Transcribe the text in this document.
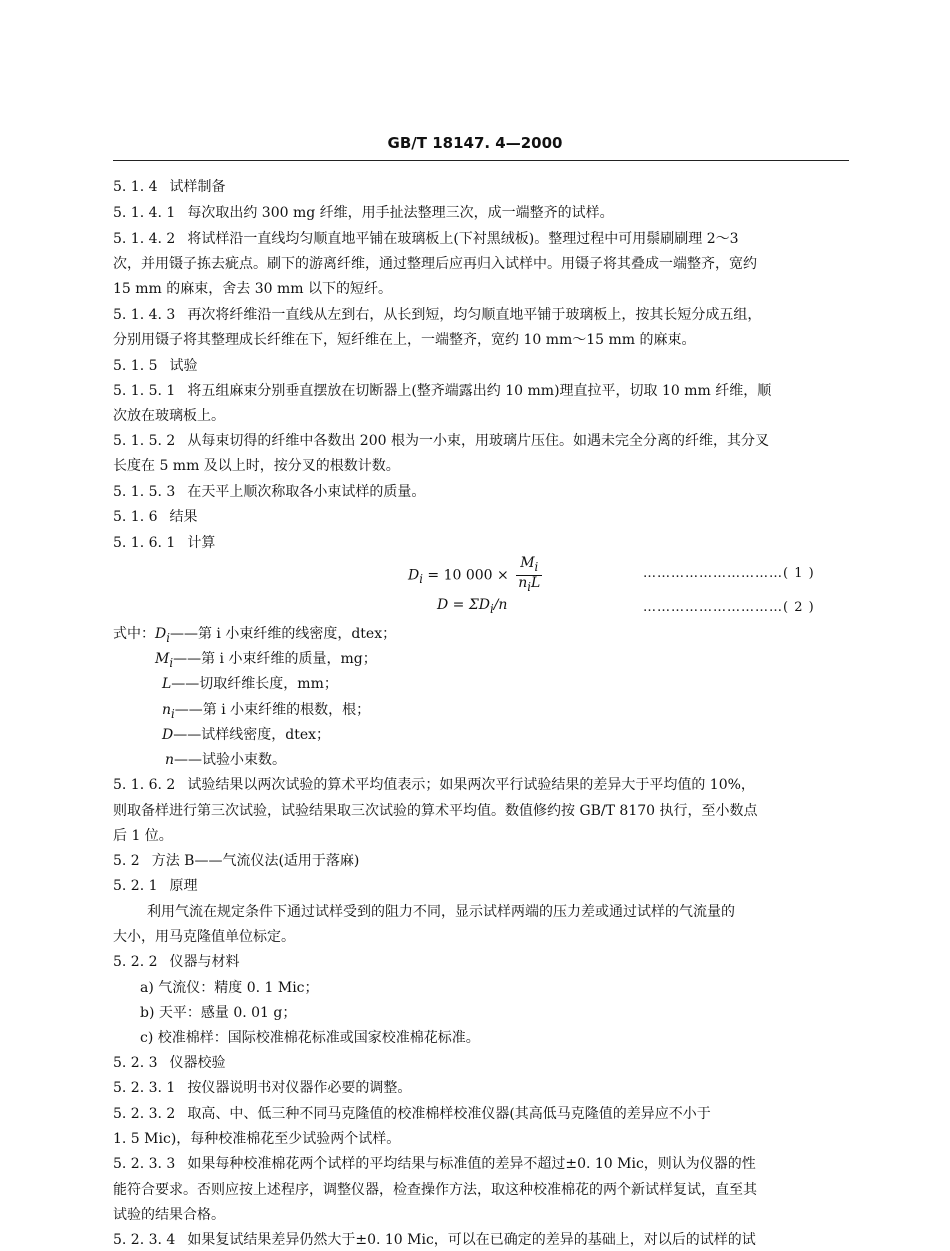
GB/T 18147. 4—2000
5. 1. 4 试样制备
5. 1. 4. 1 每次取出约 300 mg 纤维，用手扯法整理三次，成一端整齐的试样。
5. 1. 4. 2 将试样沿一直线均匀顺直地平铺在玻璃板上(下衬黑绒板)。整理过程中可用鬃刷刷理 2～3
次，并用镊子拣去疵点。刷下的游离纤维，通过整理后应再归入试样中。用镊子将其叠成一端整齐，宽约
15 mm 的麻束，舍去 30 mm 以下的短纤。
5. 1. 4. 3 再次将纤维沿一直线从左到右，从长到短，均匀顺直地平铺于玻璃板上，按其长短分成五组，
分别用镊子将其整理成长纤维在下，短纤维在上，一端整齐，宽约 10 mm～15 mm 的麻束。
5. 1. 5 试验
5. 1. 5. 1 将五组麻束分别垂直摆放在切断器上(整齐端露出约 10 mm)理直拉平，切取 10 mm 纤维，顺
次放在玻璃板上。
5. 1. 5. 2 从每束切得的纤维中各数出 200 根为一小束，用玻璃片压住。如遇未完全分离的纤维，其分叉
长度在 5 mm 及以上时，按分叉的根数计数。
5. 1. 5. 3 在天平上顺次称取各小束试样的质量。
5. 1. 6 结果
5. 1. 6. 1 计算
$D_i = 10$ $000 \times \frac{M_i}{n_iL}$	…………………………( 1 )
$D = \Sigma D_i/n$	…………………………( 2 )
式中：$D_i——$第 i 小束纤维的线密度，dtex；
$M_i——$第 i 小束纤维的质量，mg；
L——切取纤维长度，mm；
$n_i——$第 i 小束纤维的根数，根；
D——试样线密度，dtex；
n——试验小束数。
5. 1. 6. 2 试验结果以两次试验的算术平均值表示；如果两次平行试验结果的差异大于平均值的 10%，
则取备样进行第三次试验，试验结果取三次试验的算术平均值。数值修约按 GB/T 8170 执行，至小数点
后 1 位。
5. 2 方法 B——气流仪法(适用于落麻)
5. 2. 1 原理
利用气流在规定条件下通过试样受到的阻力不同，显示试样两端的压力差或通过试样的气流量的
大小，用马克隆值单位标定。
5. 2. 2 仪器与材料
a) 气流仪：精度 0. 1 Mic；
b) 天平：感量 0. 01 g；
c) 校准棉样：国际校准棉花标准或国家校准棉花标准。
5. 2. 3 仪器校验
5. 2. 3. 1 按仪器说明书对仪器作必要的调整。
5. 2. 3. 2 取高、中、低三种不同马克隆值的校准棉样校准仪器(其高低马克隆值的差异应不小于
1. 5 Mic)，每种校准棉花至少试验两个试样。
5. 2. 3. 3 如果每种校准棉花两个试样的平均结果与标准值的差异不超过±0. 10 Mic，则认为仪器的性
能符合要求。否则应按上述程序，调整仪器，检查操作方法，取这种校准棉花的两个新试样复试，直至其
试验的结果合格。
5. 2. 3. 4 如果复试结果差异仍然大于±0. 10 Mic，可以在已确定的差异的基础上，对以后的试样的试
